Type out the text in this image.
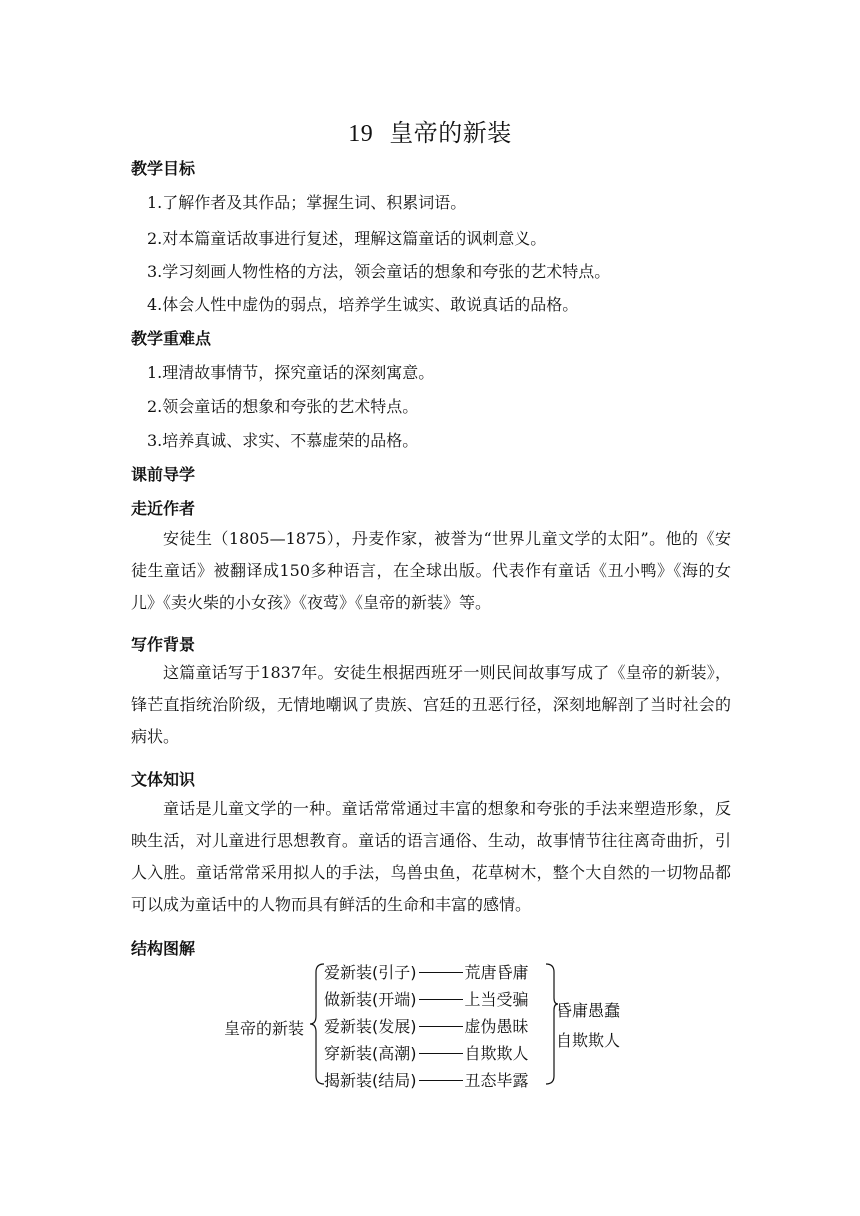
19 皇帝的新装
教学目标
1.了解作者及其作品；掌握生词、积累词语。
2.对本篇童话故事进行复述，理解这篇童话的讽刺意义。
3.学习刻画人物性格的方法，领会童话的想象和夸张的艺术特点。
4.体会人性中虚伪的弱点，培养学生诚实、敢说真话的品格。
教学重难点
1.理清故事情节，探究童话的深刻寓意。
2.领会童话的想象和夸张的艺术特点。
3.培养真诚、求实、不慕虚荣的品格。
课前导学
走近作者
安徒生（1805—1875），丹麦作家，被誉为“世界儿童文学的太阳”。他的《安徒生童话》被翻译成150多种语言，在全球出版。代表作有童话《丑小鸭》《海的女儿》《卖火柴的小女孩》《夜莺》《皇帝的新装》等。
写作背景
这篇童话写于1837年。安徒生根据西班牙一则民间故事写成了《皇帝的新装》，锋芒直指统治阶级，无情地嘲讽了贵族、宫廷的丑恶行径，深刻地解剖了当时社会的病状。
文体知识
童话是儿童文学的一种。童话常常通过丰富的想象和夸张的手法来塑造形象，反映生活，对儿童进行思想教育。童话的语言通俗、生动，故事情节往往离奇曲折，引人入胜。童话常常采用拟人的手法，鸟兽虫鱼，花草树木，整个大自然的一切物品都可以成为童话中的人物而具有鲜活的生命和丰富的感情。
结构图解
皇帝的新装
爱新装(引子)	荒唐昏庸
做新装(开端)	上当受骗
爱新装(发展)	虚伪愚昧
穿新装(高潮)	自欺欺人
揭新装(结局)	丑态毕露
昏庸愚蠢
自欺欺人
